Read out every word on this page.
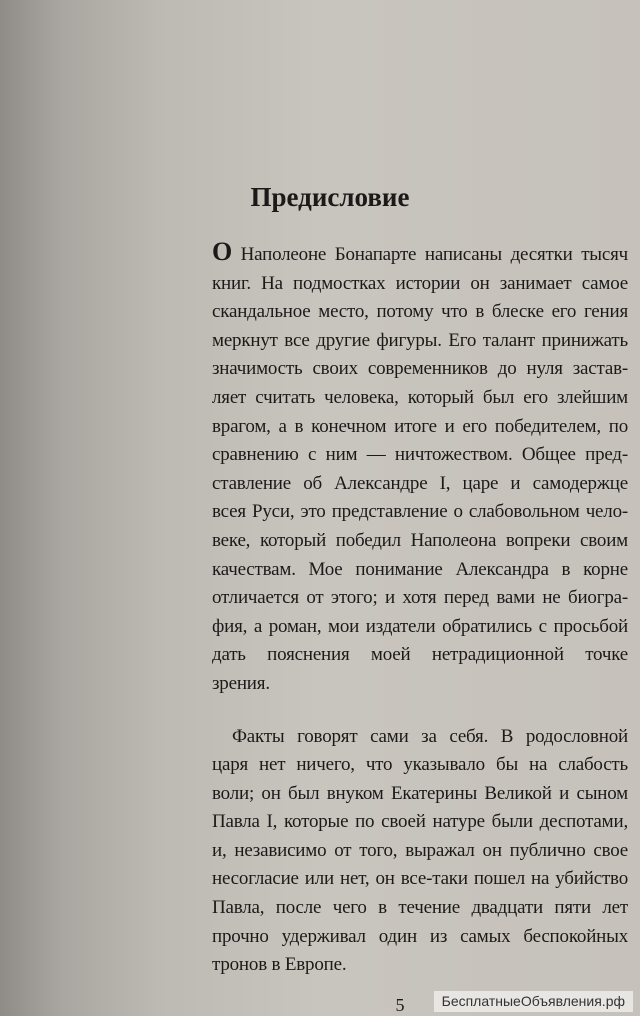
Предисловие
О Наполеоне Бонапарте написаны десятки тысяч
книг. На подмостках истории он занимает самое
скандальное место, потому что в блеске его гения
меркнут все другие фигуры. Его талант принижать
значимость своих современников до нуля застав-
ляет считать человека, который был его злейшим
врагом, а в конечном итоге и его победителем, по
сравнению с ним — ничтожеством. Общее пред-
ставление об Александре I, царе и самодержце
всея Руси, это представление о слабовольном чело-
веке, который победил Наполеона вопреки своим
качествам. Мое понимание Александра в корне
отличается от этого; и хотя перед вами не биогра-
фия, а роман, мои издатели обратились с просьбой
дать пояснения моей нетрадиционной точке
зрения.
Факты говорят сами за себя. В родословной
царя нет ничего, что указывало бы на слабость
воли; он был внуком Екатерины Великой и сыном
Павла I, которые по своей натуре были деспотами,
и, независимо от того, выражал он публично свое
несогласие или нет, он все-таки пошел на убийство
Павла, после чего в течение двадцати пяти лет
прочно удерживал один из самых беспокойных
тронов в Европе.
5	БесплатныеОбъявления.рф
